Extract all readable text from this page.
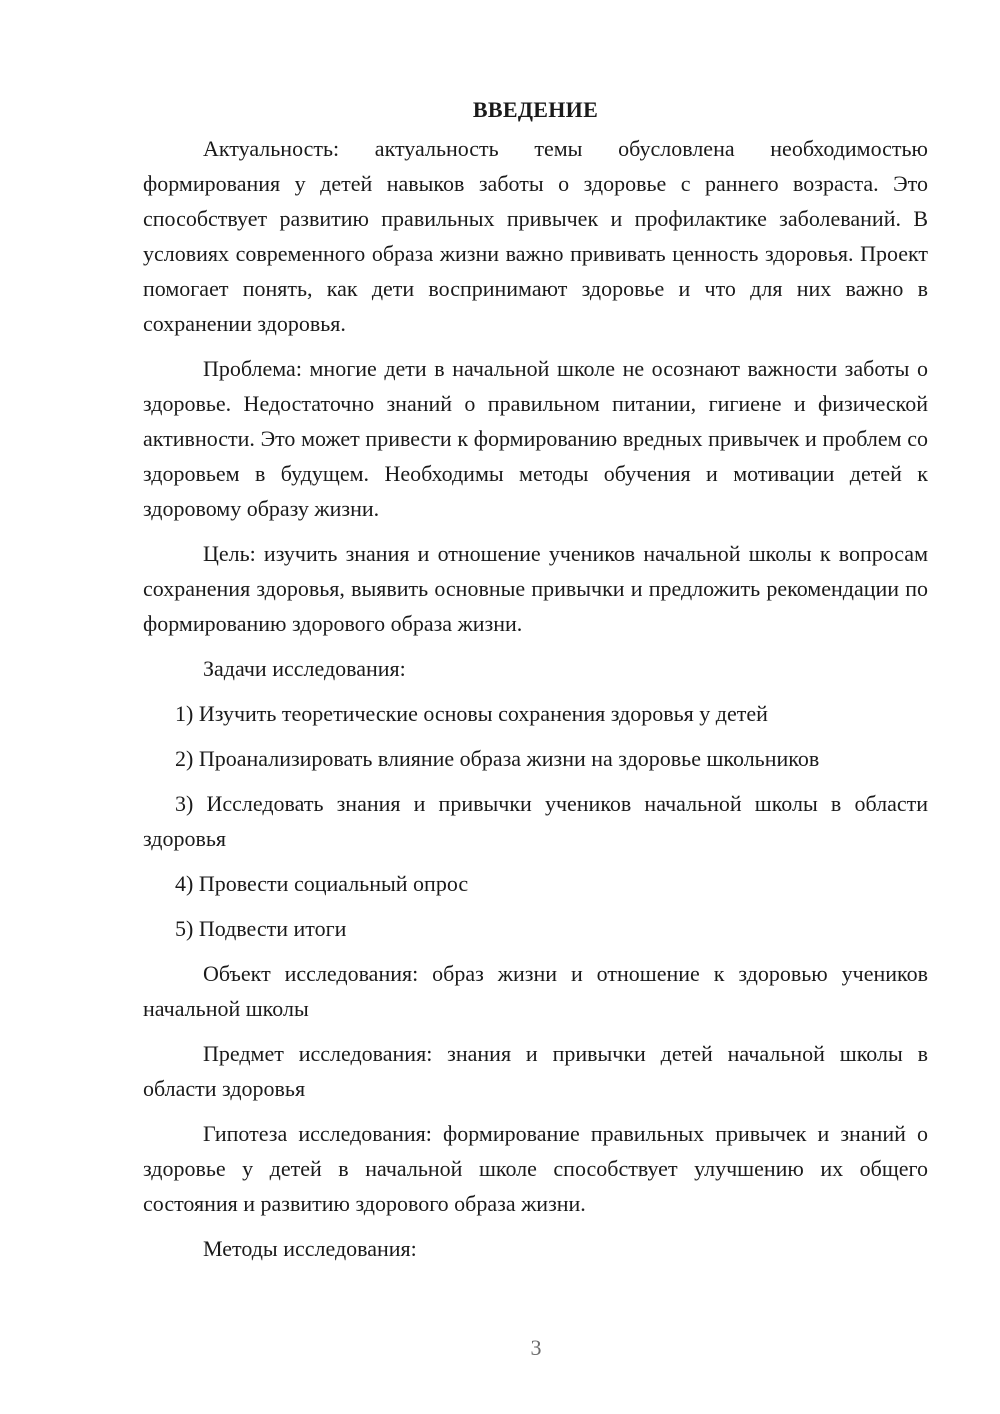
ВВЕДЕНИЕ

Актуальность: актуальность темы обусловлена необходимостью формирования у детей навыков заботы о здоровье с раннего возраста. Это способствует развитию правильных привычек и профилактике заболеваний. В условиях современного образа жизни важно прививать ценность здоровья. Проект помогает понять, как дети воспринимают здоровье и что для них важно в сохранении здоровья.

Проблема: многие дети в начальной школе не осознают важности заботы о здоровье. Недостаточно знаний о правильном питании, гигиене и физической активности. Это может привести к формированию вредных привычек и проблем со здоровьем в будущем. Необходимы методы обучения и мотивации детей к здоровому образу жизни.

Цель: изучить знания и отношение учеников начальной школы к вопросам сохранения здоровья, выявить основные привычки и предложить рекомендации по формированию здорового образа жизни.

Задачи исследования:

1) Изучить теоретические основы сохранения здоровья у детей

2) Проанализировать влияние образа жизни на здоровье школьников

3) Исследовать знания и привычки учеников начальной школы в области здоровья

4) Провести социальный опрос

5) Подвести итоги

Объект исследования: образ жизни и отношение к здоровью учеников начальной школы

Предмет исследования: знания и привычки детей начальной школы в области здоровья

Гипотеза исследования: формирование правильных привычек и знаний о здоровье у детей в начальной школе способствует улучшению их общего состояния и развитию здорового образа жизни.

Методы исследования:

3
